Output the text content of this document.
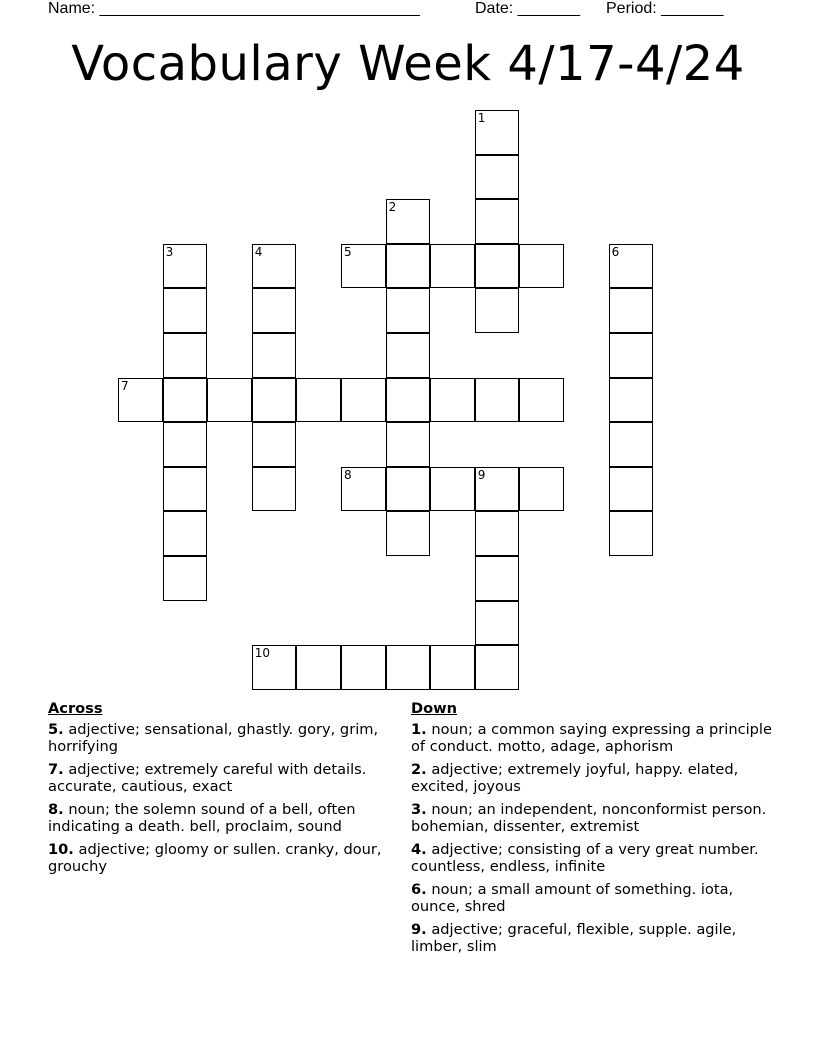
Name: ____________________________________	Date: _______ Period: _______
Vocabulary Week 4/17-4/24
1
2
3	4	5	6
7
8	9
10
Across
5. adjective; sensational, ghastly. gory, grim, horrifying
7. adjective; extremely careful with details. accurate, cautious, exact
8. noun; the solemn sound of a bell, often indicating a death. bell, proclaim, sound
10. adjective; gloomy or sullen. cranky, dour, grouchy
Down
1. noun; a common saying expressing a principle of conduct. motto, adage, aphorism
2. adjective; extremely joyful, happy. elated, excited, joyous
3. noun; an independent, nonconformist person. bohemian, dissenter, extremist
4. adjective; consisting of a very great number. countless, endless, infinite
6. noun; a small amount of something. iota, ounce, shred
9. adjective; graceful, flexible, supple. agile, limber, slim
